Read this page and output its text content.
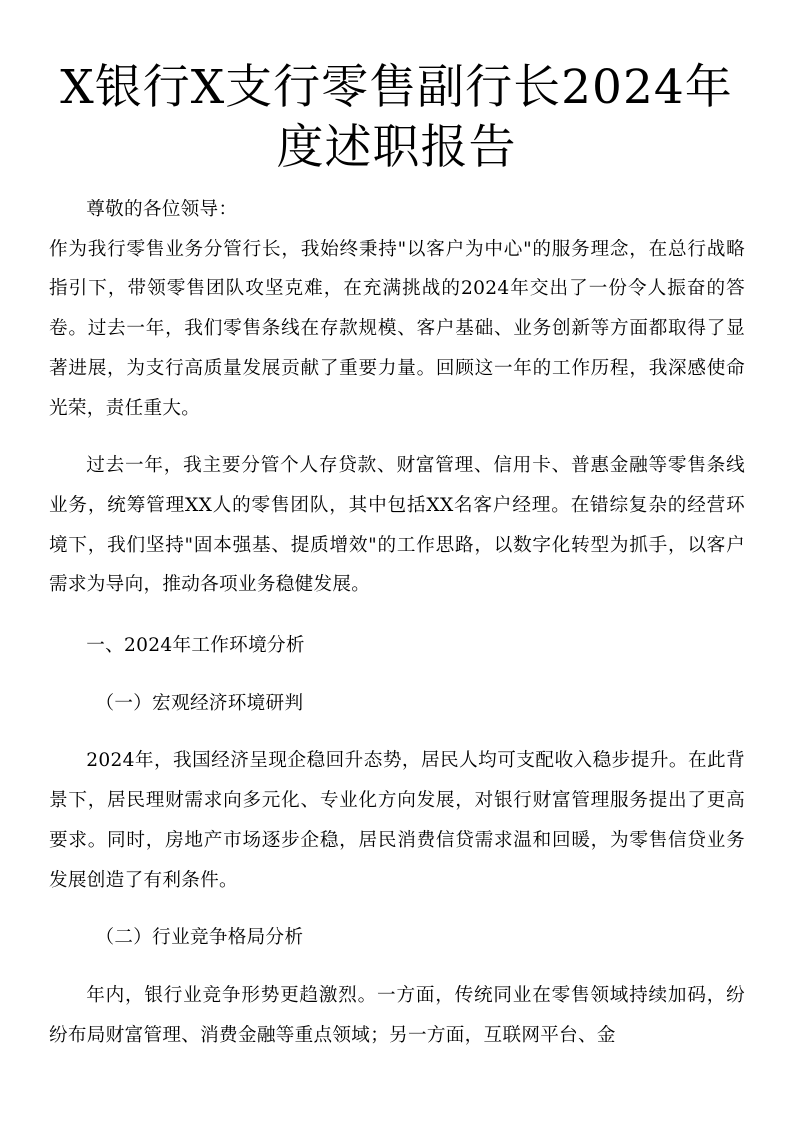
X银行X支行零售副行长2024年
度述职报告

尊敬的各位领导：

作为我行零售业务分管行长，我始终秉持"以客户为中心"的服务理念，在总行战略指引下，带领零售团队攻坚克难，在充满挑战的2024年交出了一份令人振奋的答卷。过去一年，我们零售条线在存款规模、客户基础、业务创新等方面都取得了显著进展，为支行高质量发展贡献了重要力量。回顾这一年的工作历程，我深感使命光荣，责任重大。

过去一年，我主要分管个人存贷款、财富管理、信用卡、普惠金融等零售条线业务，统筹管理XX人的零售团队，其中包括XX名客户经理。在错综复杂的经营环境下，我们坚持"固本强基、提质增效"的工作思路，以数字化转型为抓手，以客户需求为导向，推动各项业务稳健发展。

一、2024年工作环境分析

（一）宏观经济环境研判

2024年，我国经济呈现企稳回升态势，居民人均可支配收入稳步提升。在此背景下，居民理财需求向多元化、专业化方向发展，对银行财富管理服务提出了更高要求。同时，房地产市场逐步企稳，居民消费信贷需求温和回暖，为零售信贷业务发展创造了有利条件。

（二）行业竞争格局分析

年内，银行业竞争形势更趋激烈。一方面，传统同业在零售领域持续加码，纷纷布局财富管理、消费金融等重点领域；另一方面，互联网平台、金
